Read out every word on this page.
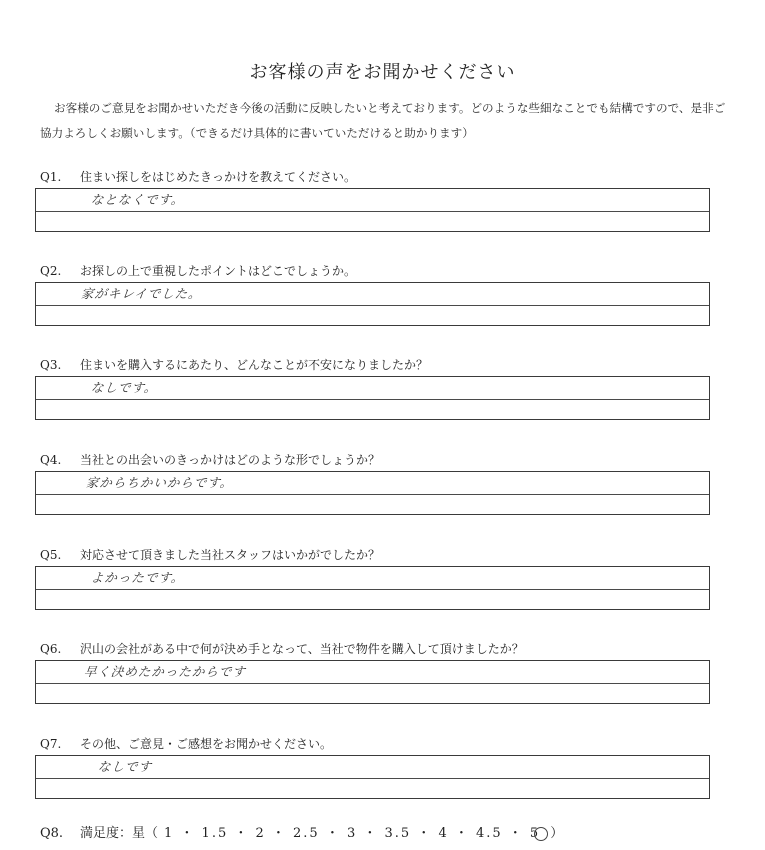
お客様の声をお聞かせください
お客様のご意見をお聞かせいただき今後の活動に反映したいと考えております。どのような些細なことでも結構ですので、是非ご協力よろしくお願いします。（できるだけ具体的に書いていただけると助かります）
Q1. 住まい探しをはじめたきっかけを教えてください。
なとなくです。
Q2. お探しの上で重視したポイントはどこでしょうか。
家がキレイでした。
Q3. 住まいを購入するにあたり、どんなことが不安になりましたか？
なしです。
Q4. 当社との出会いのきっかけはどのような形でしょうか？
家からちかいからです。
Q5. 対応させて頂きました当社スタッフはいかがでしたか？
よかったです。
Q6. 沢山の会社がある中で何が決め手となって、当社で物件を購入して頂けましたか？
早く決めたかったからです
Q7. その他、ご意見・ご感想をお聞かせください。
なしです
Q8. 満足度：星（ 1 ・ 1.5 ・ 2 ・ 2.5 ・ 3 ・ 3.5 ・ 4 ・ 4.5 ・ 5 ）
